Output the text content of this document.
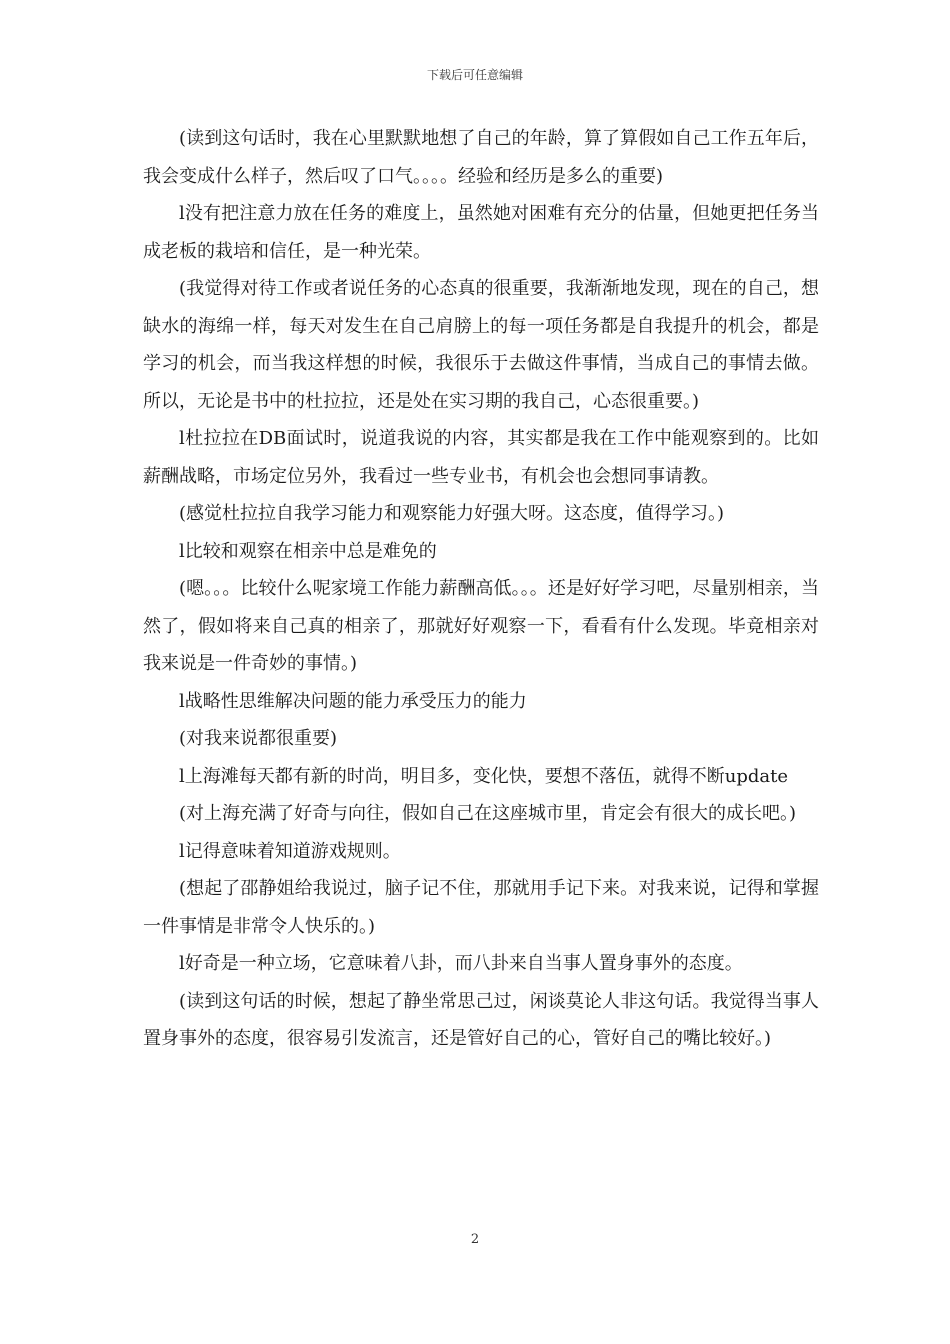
下载后可任意编辑

(读到这句话时，我在心里默默地想了自己的年龄，算了算假如自己工作五年后，我会变成什么样子，然后叹了口气。。。。经验和经历是多么的重要)

l没有把注意力放在任务的难度上，虽然她对困难有充分的估量，但她更把任务当成老板的栽培和信任，是一种光荣。

(我觉得对待工作或者说任务的心态真的很重要，我渐渐地发现，现在的自己，想缺水的海绵一样，每天对发生在自己肩膀上的每一项任务都是自我提升的机会，都是学习的机会，而当我这样想的时候，我很乐于去做这件事情，当成自己的事情去做。所以，无论是书中的杜拉拉，还是处在实习期的我自己，心态很重要。)

l杜拉拉在DB面试时，说道我说的内容，其实都是我在工作中能观察到的。比如薪酬战略，市场定位另外，我看过一些专业书，有机会也会想同事请教。

(感觉杜拉拉自我学习能力和观察能力好强大呀。这态度，值得学习。)

l比较和观察在相亲中总是难免的

(嗯。。。比较什么呢家境工作能力薪酬高低。。。还是好好学习吧，尽量别相亲，当然了，假如将来自己真的相亲了，那就好好观察一下，看看有什么发现。毕竟相亲对我来说是一件奇妙的事情。)

l战略性思维解决问题的能力承受压力的能力

(对我来说都很重要)

l上海滩每天都有新的时尚，明目多，变化快，要想不落伍，就得不断update

(对上海充满了好奇与向往，假如自己在这座城市里，肯定会有很大的成长吧。)

l记得意味着知道游戏规则。

(想起了邵静姐给我说过，脑子记不住，那就用手记下来。对我来说，记得和掌握一件事情是非常令人快乐的。)

l好奇是一种立场，它意味着八卦，而八卦来自当事人置身事外的态度。

(读到这句话的时候，想起了静坐常思己过，闲谈莫论人非这句话。我觉得当事人置身事外的态度，很容易引发流言，还是管好自己的心，管好自己的嘴比较好。)

2
